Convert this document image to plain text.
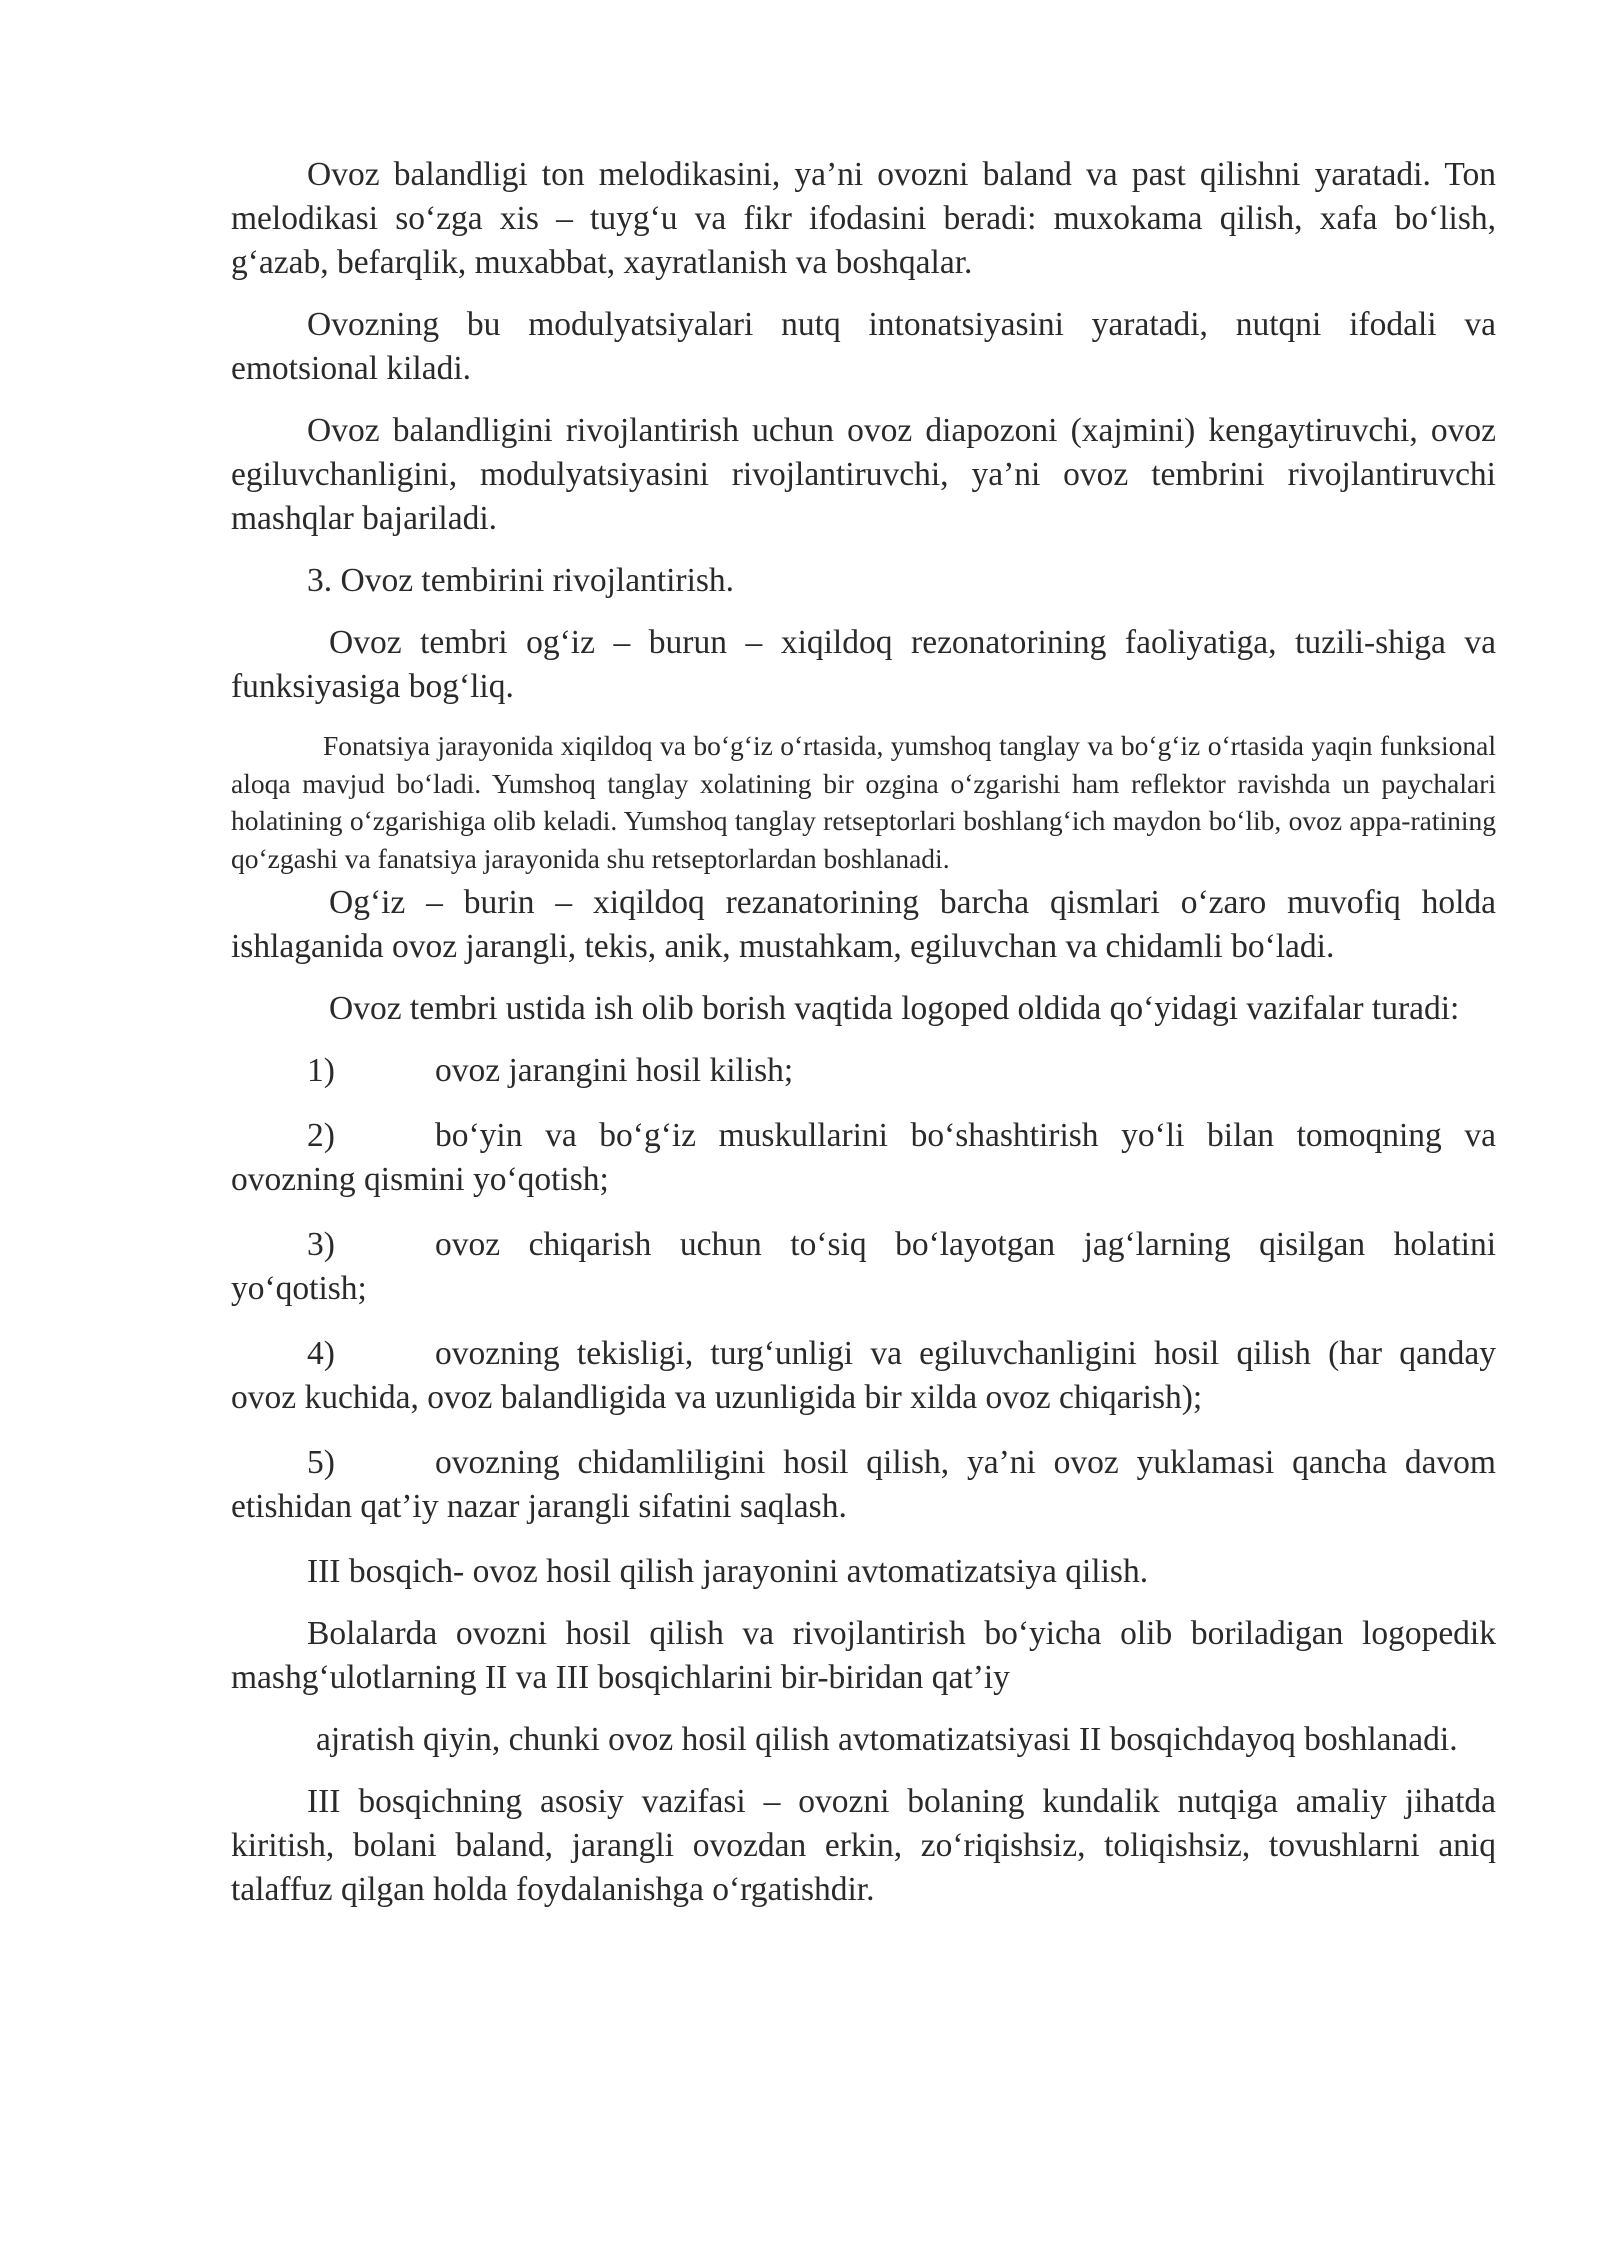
Ovoz balandligi ton melodikasini, ya’ni ovozni baland va past qilishni yaratadi. Ton melodikasi so‘zga xis – tuyg‘u va fikr ifodasini beradi: muxokama qilish, xafa bo‘lish, g‘azab, befarqlik, muxabbat, xayratlanish va boshqalar.

Ovozning bu modulyatsiyalari nutq intonatsiyasini yaratadi, nutqni ifodali va emotsional kiladi.

Ovoz balandligini rivojlantirish uchun ovoz diapozoni (xajmini) kengaytiruvchi, ovoz egiluvchanligini, modulyatsiyasini rivojlantiruvchi, ya’ni ovoz tembrini rivojlantiruvchi mashqlar bajariladi.

3. Ovoz tembirini rivojlantirish.

Ovoz tembri og‘iz – burun – xiqildoq rezonatorining faoliyatiga, tuzili-shiga va funksiyasiga bog‘liq.

Fonatsiya jarayonida xiqildoq va bo‘g‘iz o‘rtasida, yumshoq tanglay va bo‘g‘iz o‘rtasida yaqin funksional aloqa mavjud bo‘ladi. Yumshoq tanglay xolatining bir ozgina o‘zgarishi ham reflektor ravishda un paychalari holatining o‘zgarishiga olib keladi. Yumshoq tanglay retseptorlari boshlang‘ich maydon bo‘lib, ovoz appa-ratining qo‘zgashi va fanatsiya jarayonida shu retseptorlardan boshlanadi.

Og‘iz – burin – xiqildoq rezanatorining barcha qismlari o‘zaro muvofiq holda ishlaganida ovoz jarangli, tekis, anik, mustahkam, egiluvchan va chidamli bo‘ladi.

Ovoz tembri ustida ish olib borish vaqtida logoped oldida qo‘yidagi vazifalar turadi:

1)	ovoz jarangini hosil kilish;
2)	bo‘yin va bo‘g‘iz muskullarini bo‘shashtirish yo‘li bilan tomoqning va ovozning qismini yo‘qotish;
3)	ovoz chiqarish uchun to‘siq bo‘layotgan jag‘larning qisilgan holatini yo‘qotish;
4)	ovozning tekisligi, turg‘unligi va egiluvchanligini hosil qilish (har qanday ovoz kuchida, ovoz balandligida va uzunligida bir xilda ovoz chiqarish);
5)	ovozning chidamliligini hosil qilish, ya’ni ovoz yuklamasi qancha davom etishidan qat’iy nazar jarangli sifatini saqlash.

III bosqich- ovoz hosil qilish jarayonini avtomatizatsiya qilish.

Bolalarda ovozni hosil qilish va rivojlantirish bo‘yicha olib boriladigan logopedik mashg‘ulotlarning II va III bosqichlarini bir-biridan qat’iy

ajratish qiyin, chunki ovoz hosil qilish avtomatizatsiyasi II bosqichdayoq boshlanadi.

III bosqichning asosiy vazifasi – ovozni bolaning kundalik nutqiga amaliy jihatda kiritish, bolani baland, jarangli ovozdan erkin, zo‘riqishsiz, toliqishsiz, tovushlarni aniq talaffuz qilgan holda foydalanishga o‘rgatishdir.
